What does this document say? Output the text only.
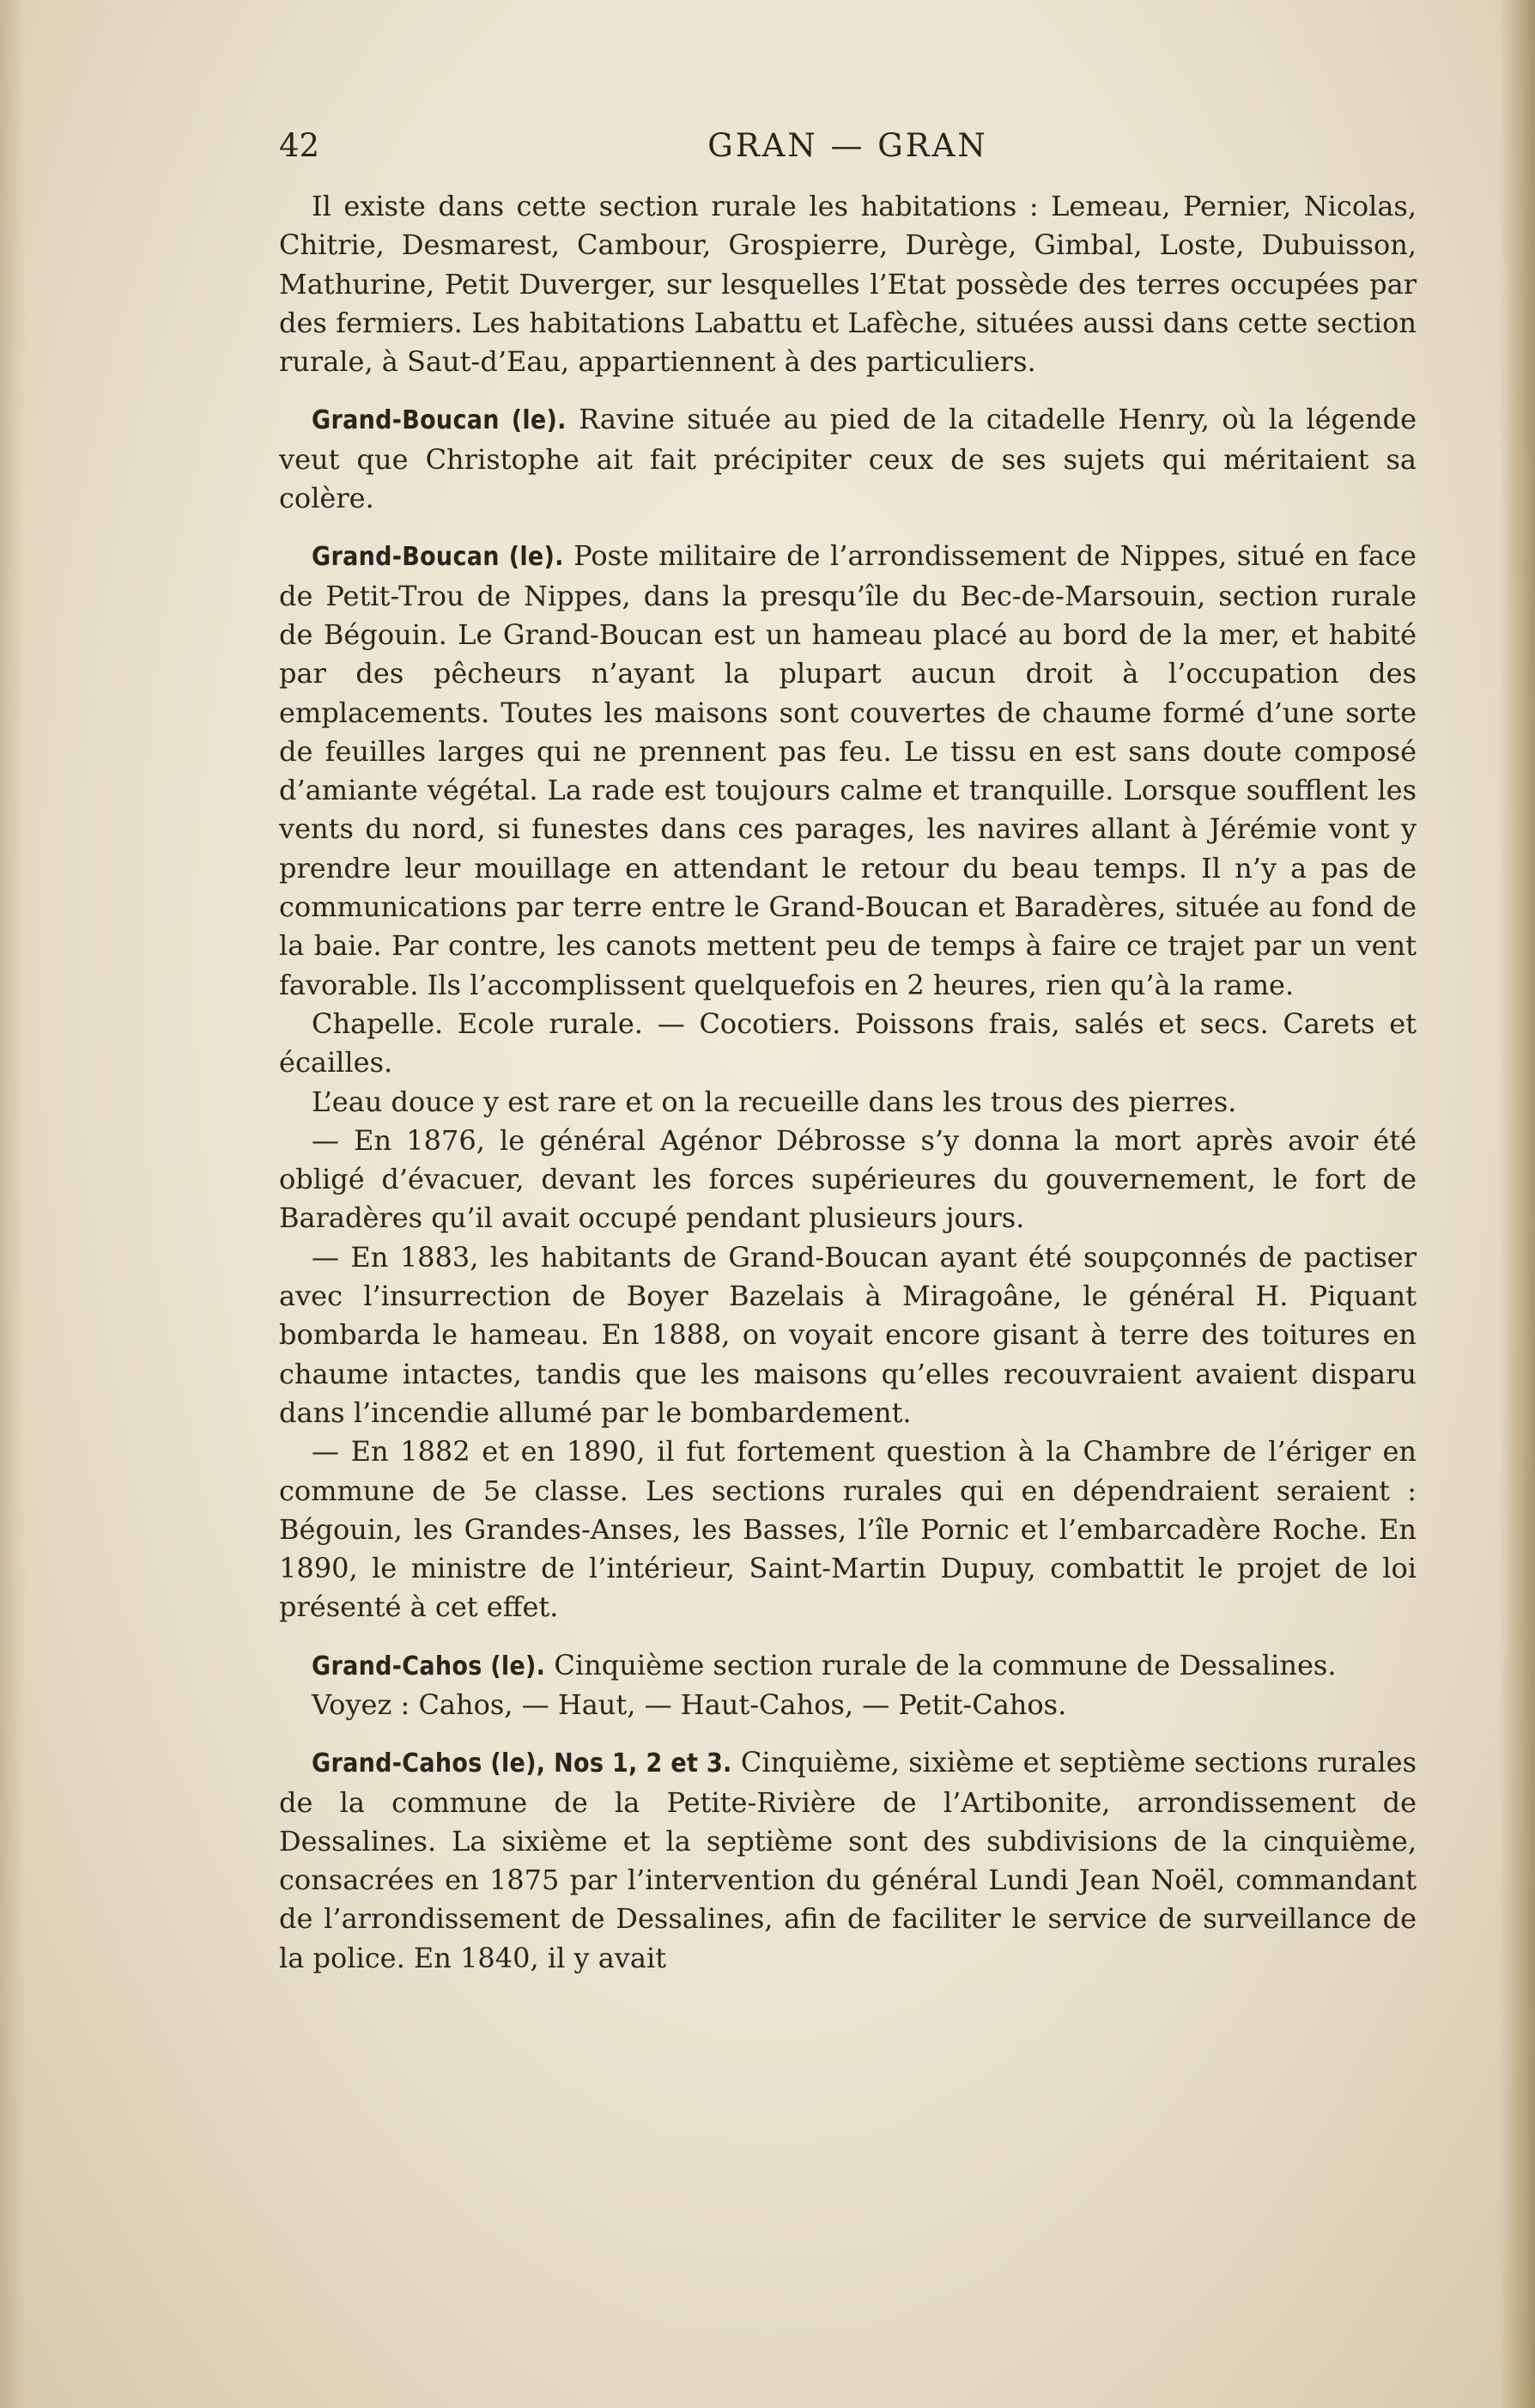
GRAN — GRAN
42

Il existe dans cette section rurale les habitations : Lemeau, Pernier, Nicolas, Chitrie, Desmarest, Cambour, Grospierre, Durège, Gimbal, Loste, Dubuisson, Mathurine, Petit Duverger, sur lesquelles l’Etat possède des terres occupées par des fermiers. Les habitations Labattu et Lafèche, situées aussi dans cette section rurale, à Saut-d’Eau, appartiennent à des particuliers.

Grand-Boucan (le). Ravine située au pied de la citadelle Henry, où la légende veut que Christophe ait fait précipiter ceux de ses sujets qui méritaient sa colère.

Grand-Boucan (le). Poste militaire de l’arrondissement de Nippes, situé en face de Petit-Trou de Nippes, dans la presqu’île du Bec-de-Marsouin, section rurale de Bégouin. Le Grand-Boucan est un hameau placé au bord de la mer, et habité par des pêcheurs n’ayant la plupart aucun droit à l’occupation des emplacements. Toutes les maisons sont couvertes de chaume formé d’une sorte de feuilles larges qui ne prennent pas feu. Le tissu en est sans doute composé d’amiante végétal. La rade est toujours calme et tranquille. Lorsque soufflent les vents du nord, si funestes dans ces parages, les navires allant à Jérémie vont y prendre leur mouillage en attendant le retour du beau temps. Il n’y a pas de communications par terre entre le Grand-Boucan et Baradères, située au fond de la baie. Par contre, les canots mettent peu de temps à faire ce trajet par un vent favorable. Ils l’accomplissent quelquefois en 2 heures, rien qu’à la rame.

Chapelle. Ecole rurale. — Cocotiers. Poissons frais, salés et secs. Carets et écailles.

L’eau douce y est rare et on la recueille dans les trous des pierres.

— En 1876, le général Agénor Débrosse s’y donna la mort après avoir été obligé d’évacuer, devant les forces supérieures du gouvernement, le fort de Baradères qu’il avait occupé pendant plusieurs jours.

— En 1883, les habitants de Grand-Boucan ayant été soupçonnés de pactiser avec l’insurrection de Boyer Bazelais à Miragoâne, le général H. Piquant bombarda le hameau. En 1888, on voyait encore gisant à terre des toitures en chaume intactes, tandis que les maisons qu’elles recouvraient avaient disparu dans l’incendie allumé par le bombardement.

— En 1882 et en 1890, il fut fortement question à la Chambre de l’ériger en commune de 5e classe. Les sections rurales qui en dépendraient seraient : Bégouin, les Grandes-Anses, les Basses, l’île Pornic et l’embarcadère Roche. En 1890, le ministre de l’intérieur, Saint-Martin Dupuy, combattit le projet de loi présenté à cet effet.

Grand-Cahos (le). Cinquième section rurale de la commune de Dessalines.

Voyez : Cahos, — Haut, — Haut-Cahos, — Petit-Cahos.

Grand-Cahos (le), Nos 1, 2 et 3. Cinquième, sixième et septième sections rurales de la commune de la Petite-Rivière de l’Artibonite, arrondissement de Dessalines. La sixième et la septième sont des subdivisions de la cinquième, consacrées en 1875 par l’intervention du général Lundi Jean Noël, commandant de l’arrondissement de Dessalines, afin de faciliter le service de surveillance de la police. En 1840, il y avait
